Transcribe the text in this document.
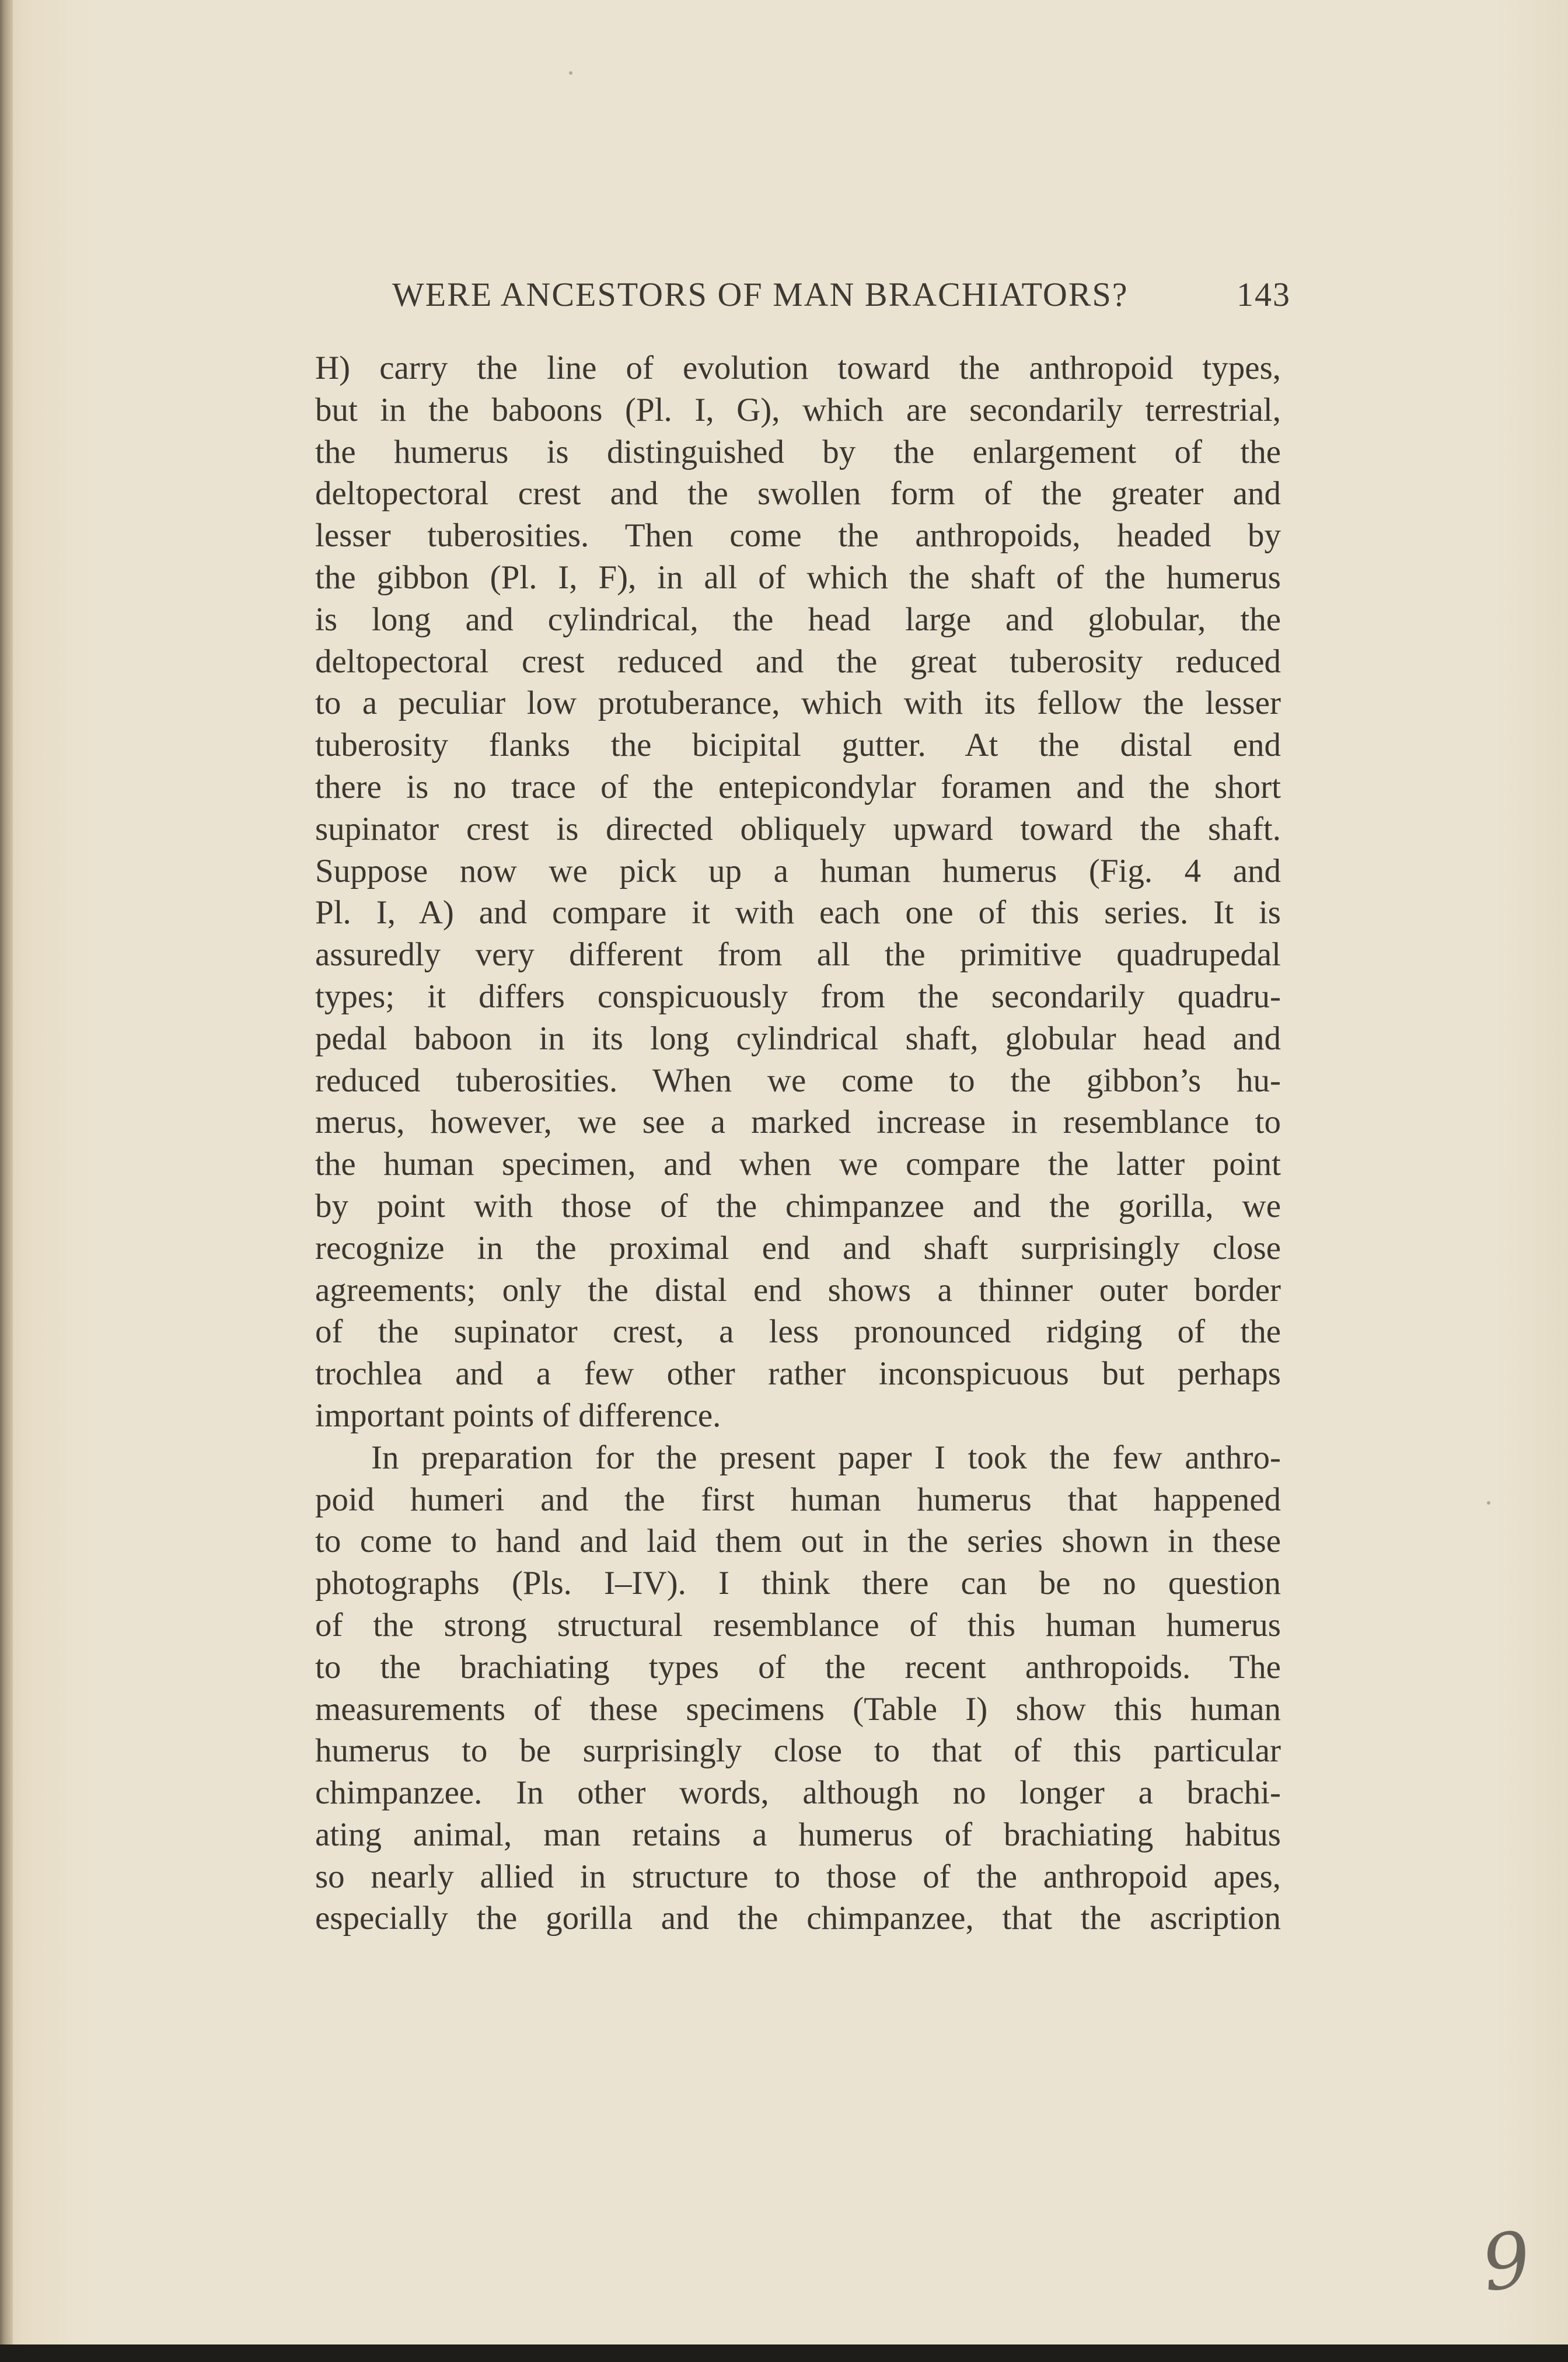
WERE ANCESTORS OF MAN BRACHIATORS?	143
H) carry the line of evolution toward the anthropoid types,
but in the baboons (Pl. I, G), which are secondarily terrestrial,
the humerus is distinguished by the enlargement of the
deltopectoral crest and the swollen form of the greater and
lesser tuberosities. Then come the anthropoids, headed by
the gibbon (Pl. I, F), in all of which the shaft of the humerus
is long and cylindrical, the head large and globular, the
deltopectoral crest reduced and the great tuberosity reduced
to a peculiar low protuberance, which with its fellow the lesser
tuberosity flanks the bicipital gutter. At the distal end
there is no trace of the entepicondylar foramen and the short
supinator crest is directed obliquely upward toward the shaft.
Suppose now we pick up a human humerus (Fig. 4 and
Pl. I, A) and compare it with each one of this series. It is
assuredly very different from all the primitive quadrupedal
types; it differs conspicuously from the secondarily quadru-
pedal baboon in its long cylindrical shaft, globular head and
reduced tuberosities. When we come to the gibbon’s hu-
merus, however, we see a marked increase in resemblance to
the human specimen, and when we compare the latter point
by point with those of the chimpanzee and the gorilla, we
recognize in the proximal end and shaft surprisingly close
agreements; only the distal end shows a thinner outer border
of the supinator crest, a less pronounced ridging of the
trochlea and a few other rather inconspicuous but perhaps
important points of difference.
In preparation for the present paper I took the few anthro-
poid humeri and the first human humerus that happened
to come to hand and laid them out in the series shown in these
photographs (Pls. I–IV). I think there can be no question
of the strong structural resemblance of this human humerus
to the brachiating types of the recent anthropoids. The
measurements of these specimens (Table I) show this human
humerus to be surprisingly close to that of this particular
chimpanzee. In other words, although no longer a brachi-
ating animal, man retains a humerus of brachiating habitus
so nearly allied in structure to those of the anthropoid apes,
especially the gorilla and the chimpanzee, that the ascription
9
